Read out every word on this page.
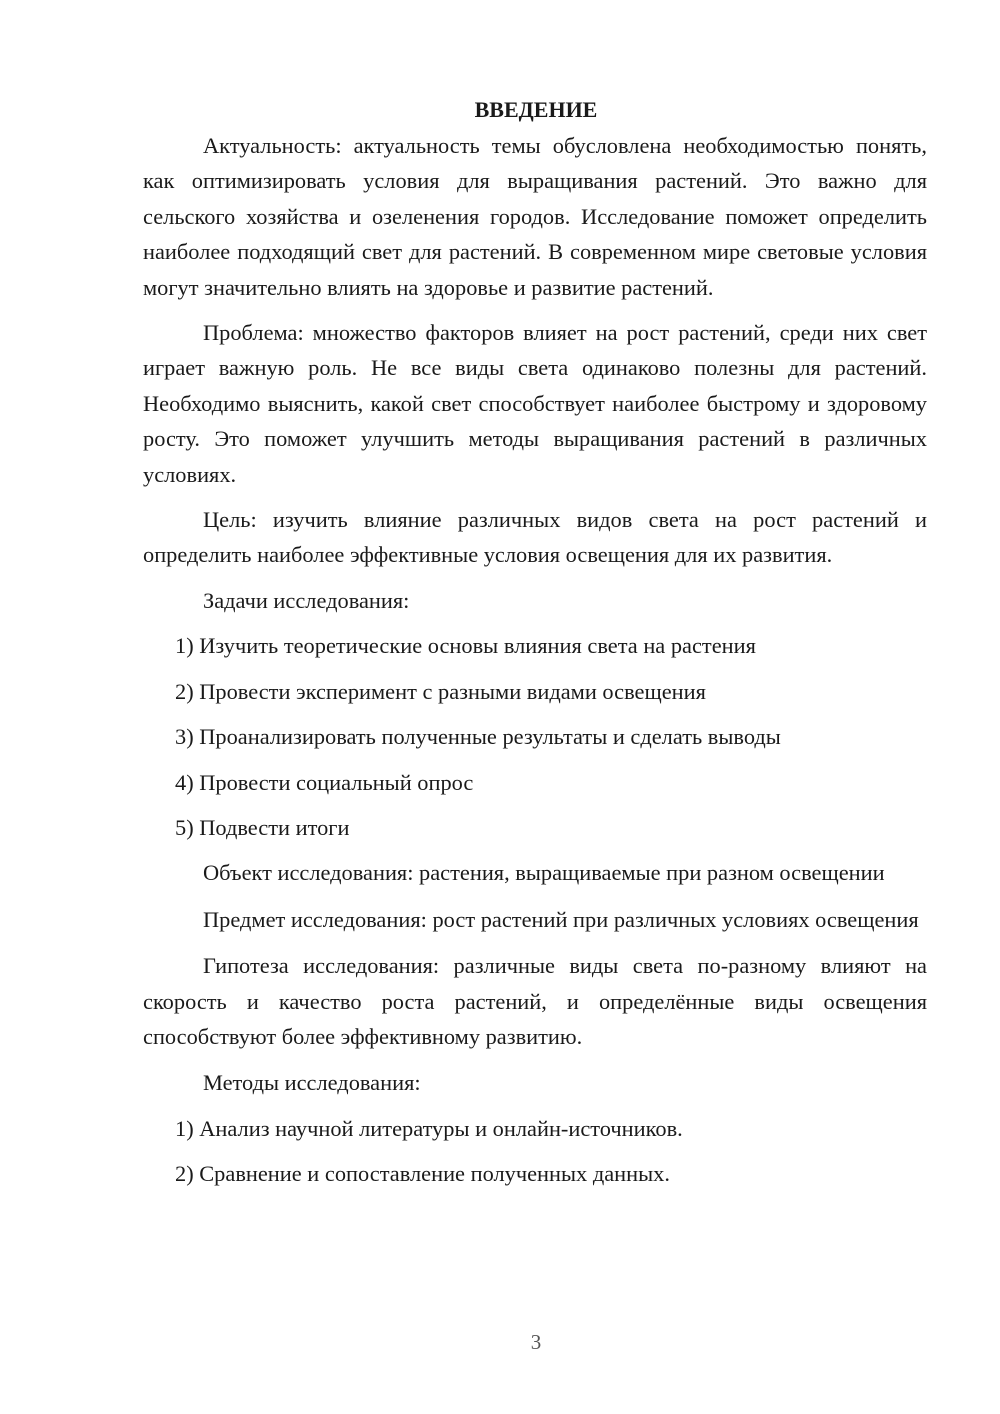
ВВЕДЕНИЕ

Актуальность: актуальность темы обусловлена необходимостью понять, как оптимизировать условия для выращивания растений. Это важно для сельского хозяйства и озеленения городов. Исследование поможет определить наиболее подходящий свет для растений. В современном мире световые условия могут значительно влиять на здоровье и развитие растений.

Проблема: множество факторов влияет на рост растений, среди них свет играет важную роль. Не все виды света одинаково полезны для растений. Необходимо выяснить, какой свет способствует наиболее быстрому и здоровому росту. Это поможет улучшить методы выращивания растений в различных условиях.

Цель: изучить влияние различных видов света на рост растений и определить наиболее эффективные условия освещения для их развития.

Задачи исследования:

1) Изучить теоретические основы влияния света на растения

2) Провести эксперимент с разными видами освещения

3) Проанализировать полученные результаты и сделать выводы

4) Провести социальный опрос

5) Подвести итоги

Объект исследования: растения, выращиваемые при разном освещении

Предмет исследования: рост растений при различных условиях освещения

Гипотеза исследования: различные виды света по-разному влияют на скорость и качество роста растений, и определённые виды освещения способствуют более эффективному развитию.

Методы исследования:

1) Анализ научной литературы и онлайн-источников.

2) Сравнение и сопоставление полученных данных.

3
